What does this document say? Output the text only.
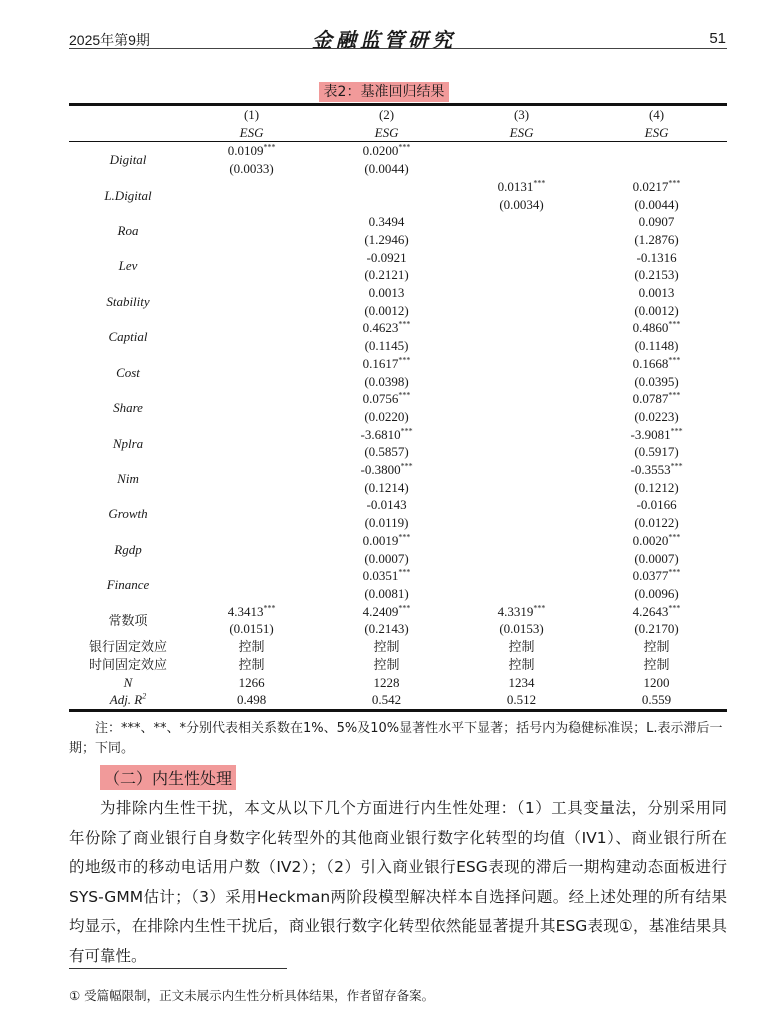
2025年第9期	金融监管研究	51
表2：基准回归结果
	(1)	(2)	(3)	(4)
	ESG	ESG	ESG	ESG
Digital	0.0109***	0.0200***		
	(0.0033)	(0.0044)		
L.Digital			0.0131***	0.0217***
			(0.0034)	(0.0044)
Roa		0.3494		0.0907
		(1.2946)		(1.2876)
Lev		-0.0921		-0.1316
		(0.2121)		(0.2153)
Stability		0.0013		0.0013
		(0.0012)		(0.0012)
Captial		0.4623***		0.4860***
		(0.1145)		(0.1148)
Cost		0.1617***		0.1668***
		(0.0398)		(0.0395)
Share		0.0756***		0.0787***
		(0.0220)		(0.0223)
Nplra		-3.6810***		-3.9081***
		(0.5857)		(0.5917)
Nim		-0.3800***		-0.3553***
		(0.1214)		(0.1212)
Growth		-0.0143		-0.0166
		(0.0119)		(0.0122)
Rgdp		0.0019***		0.0020***
		(0.0007)		(0.0007)
Finance		0.0351***		0.0377***
		(0.0081)		(0.0096)
常数项	4.3413***	4.2409***	4.3319***	4.2643***
	(0.0151)	(0.2143)	(0.0153)	(0.2170)
银行固定效应	控制	控制	控制	控制
时间固定效应	控制	控制	控制	控制
N	1266	1228	1234	1200
Adj. $R^2$	0.498	0.542	0.512	0.559
注：***、**、*分别代表相关系数在1%、5%及10%显著性水平下显著；括号内为稳健标准误；L.表示滞后一期；下同。
（二）内生性处理
为排除内生性干扰，本文从以下几个方面进行内生性处理：（1）工具变量法，分别采用同
年份除了商业银行自身数字化转型外的其他商业银行数字化转型的均值（IV1）、商业银行所在
的地级市的移动电话用户数（IV2）；（2）引入商业银行ESG表现的滞后一期构建动态面板进行
SYS-GMM估计；（3）采用Heckman两阶段模型解决样本自选择问题。经上述处理的所有结果
均显示，在排除内生性干扰后，商业银行数字化转型依然能显著提升其ESG表现①，基准结果具
有可靠性。
① 受篇幅限制，正文未展示内生性分析具体结果，作者留存备案。
